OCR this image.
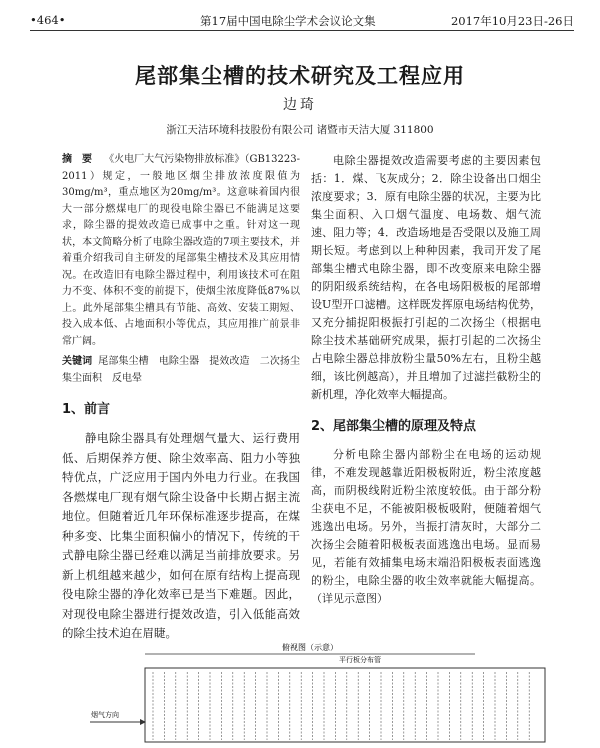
•464•	第17届中国电除尘学术会议论文集	2017年10月23日-26日
尾部集尘槽的技术研究及工程应用
边琦
浙江天洁环境科技股份有限公司 诸暨市天洁大厦 311800
摘　要 《火电厂大气污染物排放标准》（GB13223-2011）规定，一般地区烟尘排放浓度限值为30mg/m³，重点地区为20mg/m³。这意味着国内很大一部分燃煤电厂的现役电除尘器已不能满足这要求，除尘器的提效改造已成事中之重。针对这一现状，本文简略分析了电除尘器改造的7项主要技术，并着重介绍我司自主研发的尾部集尘槽技术及其应用情况。在改造旧有电除尘器过程中，利用该技术可在阻力不变、体积不变的前提下，使烟尘浓度降低87%以上。此外尾部集尘槽具有节能、高效、安装工期短、投入成本低、占地面积小等优点，其应用推广前景非常广阔。
关键词 尾部集尘槽　电除尘器　提效改造　二次扬尘　集尘面积　反电晕
1、前言
静电除尘器具有处理烟气量大、运行费用低、后期保养方便、除尘效率高、阻力小等独特优点，广泛应用于国内外电力行业。在我国各燃煤电厂现有烟气除尘设备中长期占据主流地位。但随着近几年环保标准逐步提高，在煤种多变、比集尘面积偏小的情况下，传统的干式静电除尘器已经难以满足当前排放要求。另新上机组越来越少，如何在原有结构上提高现役电除尘器的净化效率已是当下难题。因此，对现役电除尘器进行提效改造，引入低能高效的除尘技术迫在眉睫。
电除尘器提效改造需要考虑的主要因素包括：1．煤、飞灰成分；2．除尘设备出口烟尘浓度要求；3．原有电除尘器的状况，主要为比集尘面积、入口烟气温度、电场数、烟气流速、阻力等；4．改造场地是否受限以及施工周期长短。考虑到以上种种因素，我司开发了尾部集尘槽式电除尘器，即不改变原来电除尘器的阴阳级系统结构，在各电场阳极板的尾部增设U型开口滤槽。这样既发挥原电场结构优势，又充分捕捉阳极振打引起的二次扬尘（根据电除尘技术基础研究成果，振打引起的二次扬尘占电除尘器总排放粉尘量50%左右，且粉尘越细，该比例越高），并且增加了过滤拦截粉尘的新机理，净化效率大幅提高。
2、尾部集尘槽的原理及特点
分析电除尘器内部粉尘在电场的运动规律，不难发现越靠近阳极板附近，粉尘浓度越高，而阴极线附近粉尘浓度较低。由于部分粉尘获电不足，不能被阳极板吸附，便随着烟气逃逸出电场。另外，当振打清灰时，大部分二次扬尘会随着阳极板表面逃逸出电场。显而易见，若能有效捕集电场末端沿阳极板表面逃逸的粉尘，电除尘器的收尘效率就能大幅提高。（详见示意图）
俯视图（示意）
平行板分布管
烟气方向
